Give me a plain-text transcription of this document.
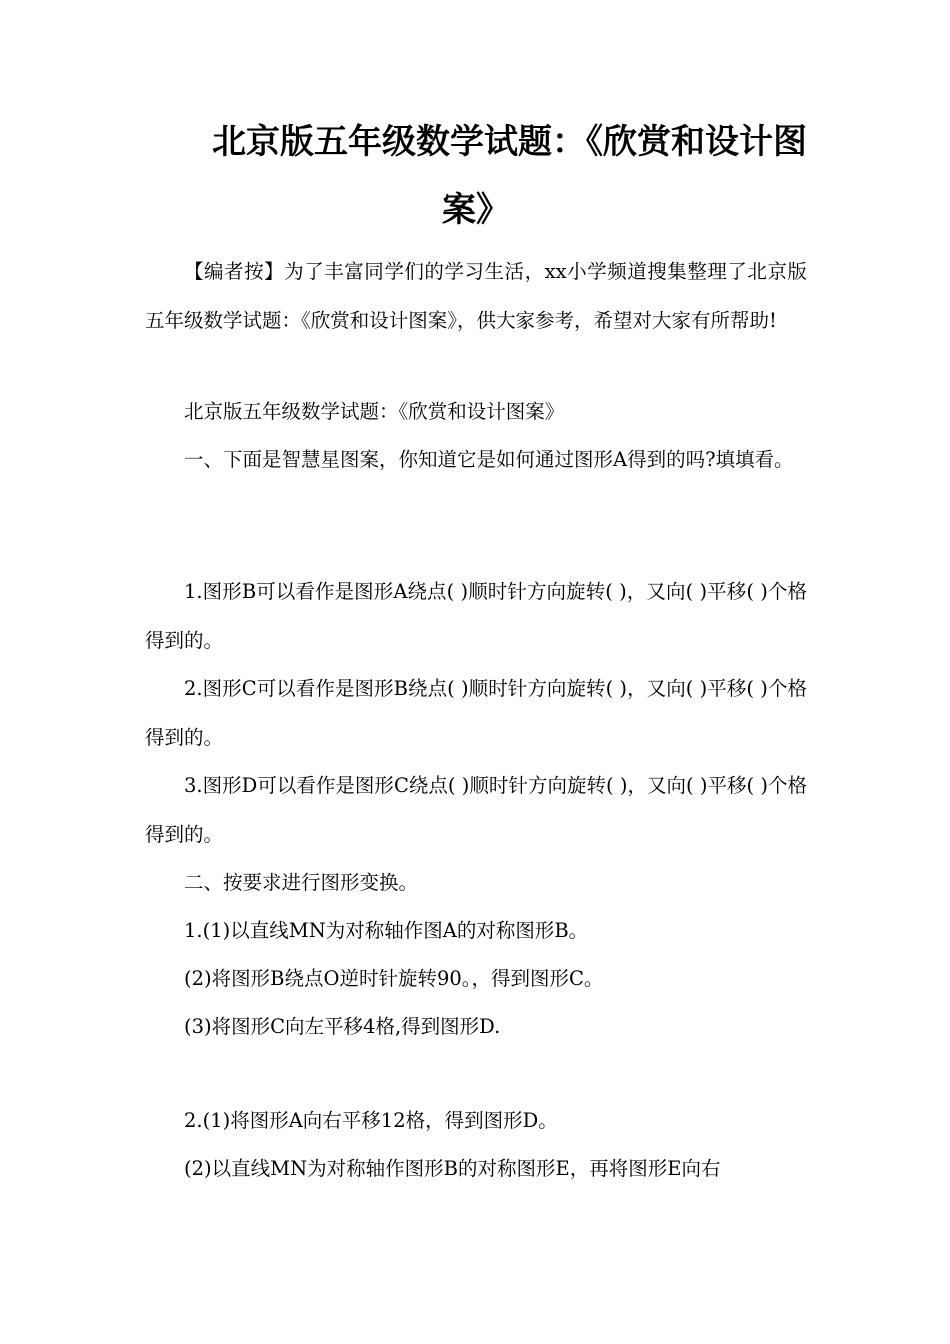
北京版五年级数学试题：《欣赏和设计图
案》

【编者按】为了丰富同学们的学习生活，xx小学频道搜集整理了北京版五年级数学试题：《欣赏和设计图案》，供大家参考，希望对大家有所帮助!

北京版五年级数学试题：《欣赏和设计图案》

一、下面是智慧星图案，你知道它是如何通过图形A得到的吗?填填看。

1.图形B可以看作是图形A绕点( )顺时针方向旋转( )，又向( )平移( )个格得到的。

2.图形C可以看作是图形B绕点( )顺时针方向旋转( )，又向( )平移( )个格得到的。

3.图形D可以看作是图形C绕点( )顺时针方向旋转( )，又向( )平移( )个格得到的。

二、按要求进行图形变换。

1.(1)以直线MN为对称轴作图A的对称图形B。

(2)将图形B绕点O逆时针旋转90。，得到图形C。

(3)将图形C向左平移4格,得到图形D.

2.(1)将图形A向右平移12格，得到图形D。

(2)以直线MN为对称轴作图形B的对称图形E，再将图形E向右
